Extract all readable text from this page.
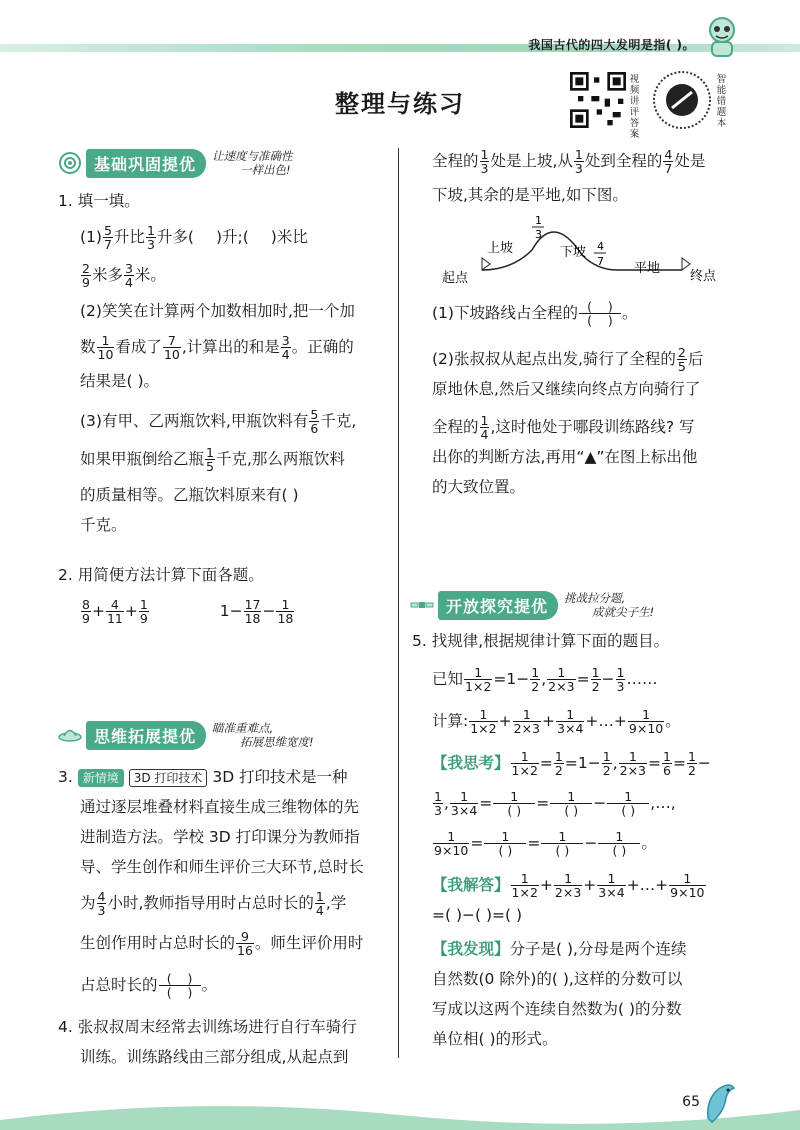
我国古代的四大发明是指( )。
整理与练习
视频讲评答案
智能错题本
基础巩固提优	让速度与准确性
一样出色!
1. 填一填。
$(1) \frac{5}{7}$ 升比 $\frac{1}{3}$ 升多( )升;( )米比
$\frac{2}{9}$ 米多 $\frac{3}{4}$ 米。
(2)笑笑在计算两个加数相加时,把一个加
数 $\frac{1}{10}$ 看成了 $\frac{7}{10}$ ,计算出的和是 $\frac{3}{4}$ 。正确的
结果是( )。
(3)有甲、乙两瓶饮料,甲瓶饮料有 $\frac{5}{6}$ 千克,
如果甲瓶倒给乙瓶 $\frac{1}{5}$ 千克,那么两瓶饮料
的质量相等。乙瓶饮料原来有( )
千克。
2. 用简便方法计算下面各题。
$\frac{8}{9} + \frac{4}{11} + \frac{1}{9}$	$1- \frac{17}{18} - \frac{1}{18}$
思维拓展提优	瞄准重难点,
拓展思维宽度!
3. 新情境 3D 打印技术 3D 打印技术是一种
通过逐层堆叠材料直接生成三维物体的先
进制造方法。学校 3D 打印课分为教师指
导、学生创作和师生评价三大环节,总时长
为 $\frac{4}{3}$ 小时,教师指导用时占总时长的 $\frac{1}{4}$ ,学
生创作用时占总时长的 $\frac{9}{16}$ 。师生评价用时
占总时长的 $\frac{( )}{( )}$ 。
4. 张叔叔周末经常去训练场进行自行车骑行
训练。训练路线由三部分组成,从起点到
全程的 $\frac{1}{3}$ 处是上坡,从 $\frac{1}{3}$ 处到全程的 $\frac{4}{7}$ 处是
下坡,其余的是平地,如下图。
起点	终点
上坡	下坡
平地
1
3
4
7
(1)下坡路线占全程的 $\frac{( )}{( )}$ 。
(2)张叔叔从起点出发,骑行了全程的 $\frac{2}{5}$ 后
原地休息,然后又继续向终点方向骑行了
全程的 $\frac{1}{4}$ ,这时他处于哪段训练路线? 写
出你的判断方法,再用“▲”在图上标出他
的大致位置。
开放探究提优	挑战拉分题,
成就尖子生!
5. 找规律,根据规律计算下面的题目。
已知 $\frac{1}{1\times 2} =1- \frac{1}{2}$ , $\frac{1}{2\times 3} = \frac{1}{2} - \frac{1}{3}$ ……
计算: $\frac{1}{1\times 2} + \frac{1}{2\times 3} + \frac{1}{3\times 4}$ +…+ $\frac{1}{9\times 10}$ 。
【我思考】 $\frac{1}{1\times 2} = \frac{1}{2} =1- \frac{1}{2}$ , $\frac{1}{2\times 3} = \frac{1}{6} = \frac{1}{2}$ −
$\frac{1}{3}$ , $\frac{1}{3\times 4} = \frac{1}{( )} = \frac{1}{( )} - \frac{1}{( )}$ ,…,
$\frac{1}{9\times 10} = \frac{1}{( )} = \frac{1}{( )} - \frac{1}{( )}$ 。
【我解答】 $\frac{1}{1\times 2} + \frac{1}{2\times 3} + \frac{1}{3\times 4}$ +…+ $\frac{1}{9\times 10}$
=( )−( )=( )
【我发现】分子是( ),分母是两个连续
自然数(0 除外)的( ),这样的分数可以
写成以这两个连续自然数为( )的分数
单位相( )的形式。
65
